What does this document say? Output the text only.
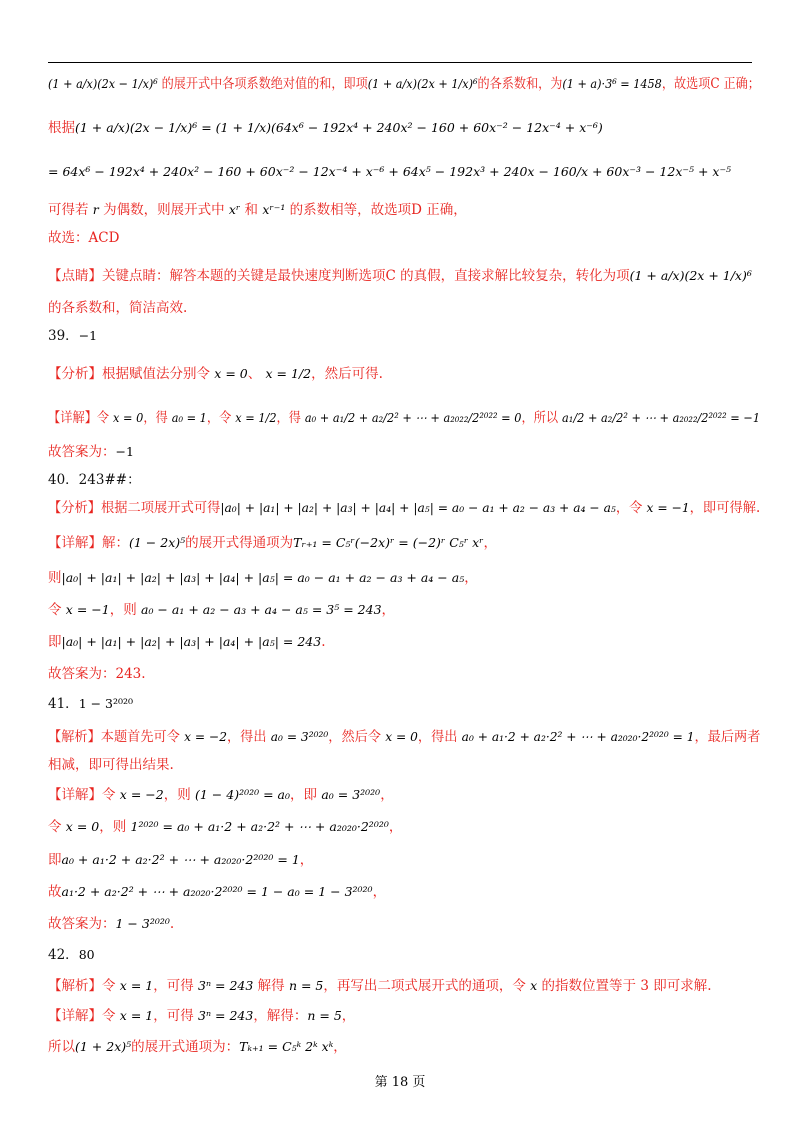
(1 + a/x)(2x − 1/x)⁶ 的展开式中各项系数绝对值的和，即项(1 + a/x)(2x + 1/x)⁶的各系数和，为(1 + a)·3⁶ = 1458，故选项C 正确；
根据(1 + a/x)(2x − 1/x)⁶ = (1 + 1/x)(64x⁶ − 192x⁴ + 240x² − 160 + 60x⁻² − 12x⁻⁴ + x⁻⁶)
= 64x⁶ − 192x⁴ + 240x² − 160 + 60x⁻² − 12x⁻⁴ + x⁻⁶ + 64x⁵ − 192x³ + 240x − 160/x + 60x⁻³ − 12x⁻⁵ + x⁻⁵
可得若 r 为偶数，则展开式中 xʳ 和 xʳ⁻¹ 的系数相等，故选项D 正确，
故选：ACD
【点睛】关键点睛：解答本题的关键是最快速度判断选项C 的真假，直接求解比较复杂，转化为项(1 + a/x)(2x + 1/x)⁶
的各系数和，简洁高效.
39．−1
【分析】根据赋值法分别令 x = 0、 x = 1/2，然后可得.
【详解】令 x = 0，得 a₀ = 1，令 x = 1/2，得 a₀ + a₁/2 + a₂/2² + ⋯ + a₂₀₂₂/2²⁰²² = 0，所以 a₁/2 + a₂/2² + ⋯ + a₂₀₂₂/2²⁰²² = −1
故答案为：−1
40．243##：
【分析】根据二项展开式可得|a₀| + |a₁| + |a₂| + |a₃| + |a₄| + |a₅| = a₀ − a₁ + a₂ − a₃ + a₄ − a₅，令 x = −1，即可得解.
【详解】解：(1 − 2x)⁵的展开式得通项为Tᵣ₊₁ = C₅ʳ(−2x)ʳ = (−2)ʳ C₅ʳ xʳ，
则|a₀| + |a₁| + |a₂| + |a₃| + |a₄| + |a₅| = a₀ − a₁ + a₂ − a₃ + a₄ − a₅，
令 x = −1，则 a₀ − a₁ + a₂ − a₃ + a₄ − a₅ = 3⁵ = 243，
即|a₀| + |a₁| + |a₂| + |a₃| + |a₄| + |a₅| = 243.
故答案为：243.
41．1 − 3²⁰²⁰
【解析】本题首先可令 x = −2，得出 a₀ = 3²⁰²⁰，然后令 x = 0，得出 a₀ + a₁·2 + a₂·2² + ⋯ + a₂₀₂₀·2²⁰²⁰ = 1，最后两者
相减，即可得出结果.
【详解】令 x = −2，则 (1 − 4)²⁰²⁰ = a₀，即 a₀ = 3²⁰²⁰，
令 x = 0，则 1²⁰²⁰ = a₀ + a₁·2 + a₂·2² + ⋯ + a₂₀₂₀·2²⁰²⁰，
即a₀ + a₁·2 + a₂·2² + ⋯ + a₂₀₂₀·2²⁰²⁰ = 1，
故a₁·2 + a₂·2² + ⋯ + a₂₀₂₀·2²⁰²⁰ = 1 − a₀ = 1 − 3²⁰²⁰，
故答案为：1 − 3²⁰²⁰.
42．80
【解析】令 x = 1，可得 3ⁿ = 243 解得 n = 5，再写出二项式展开式的通项，令 x 的指数位置等于 3 即可求解.
【详解】令 x = 1，可得 3ⁿ = 243，解得：n = 5，
所以(1 + 2x)⁵的展开式通项为：Tₖ₊₁ = C₅ᵏ 2ᵏ xᵏ，
第 18 页
